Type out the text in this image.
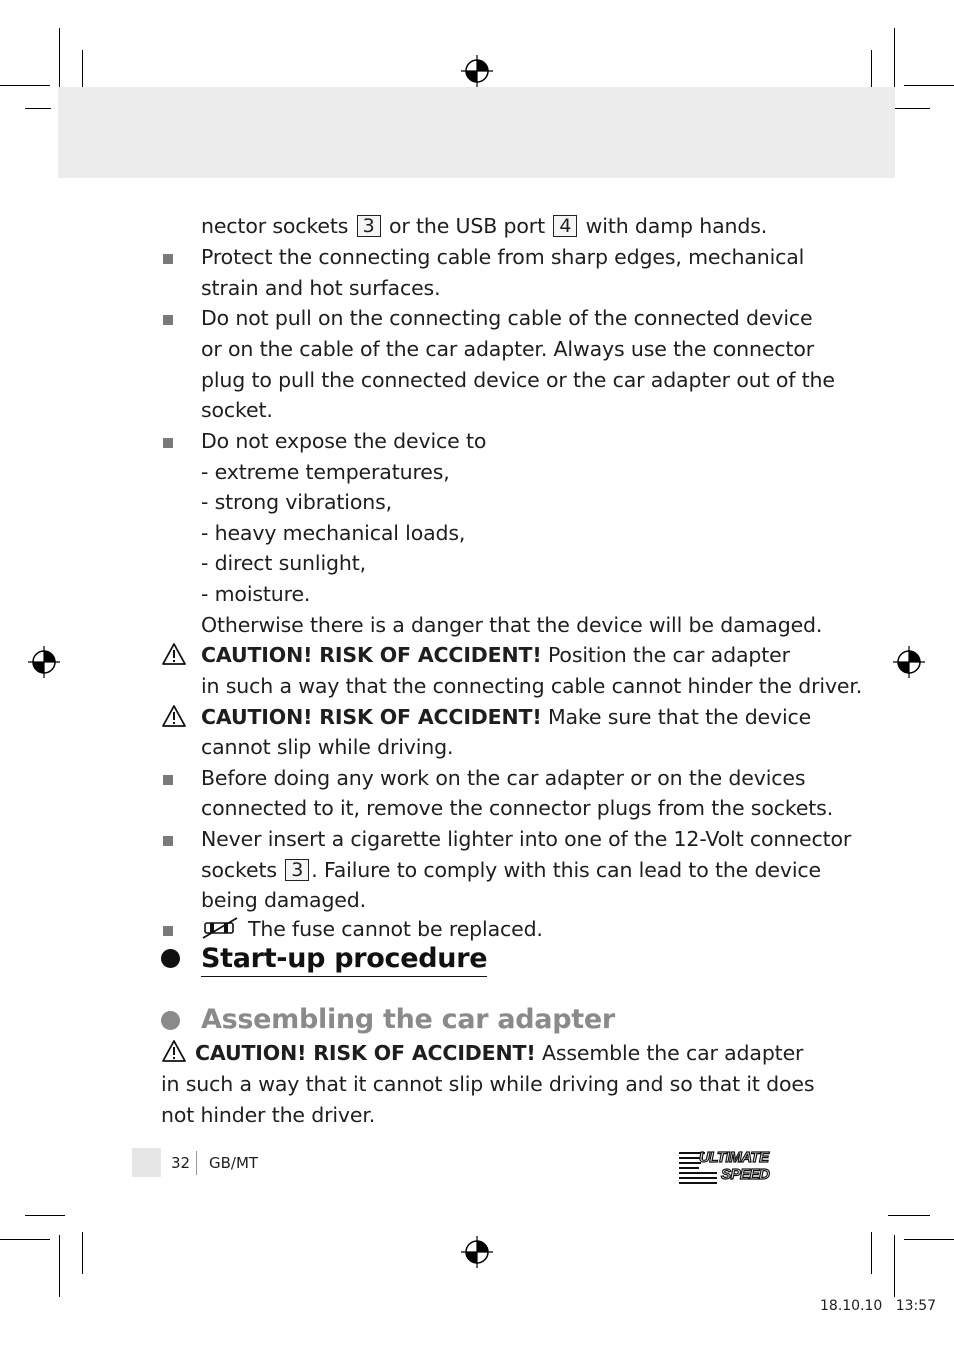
nector sockets 3 or the USB port 4 with damp hands.
Protect the connecting cable from sharp edges, mechanical
strain and hot surfaces.
Do not pull on the connecting cable of the connected device
or on the cable of the car adapter. Always use the connector
plug to pull the connected device or the car adapter out of the
socket.
Do not expose the device to
- extreme temperatures,
- strong vibrations,
- heavy mechanical loads,
- direct sunlight,
- moisture.
Otherwise there is a danger that the device will be damaged.
CAUTION! RISK OF ACCIDENT! Position the car adapter
in such a way that the connecting cable cannot hinder the driver.
CAUTION! RISK OF ACCIDENT! Make sure that the device
cannot slip while driving.
Before doing any work on the car adapter or on the devices
connected to it, remove the connector plugs from the sockets.
Never insert a cigarette lighter into one of the 12-Volt connector
sockets 3 . Failure to comply with this can lead to the device
being damaged.
The fuse cannot be replaced.
Start-up procedure
Assembling the car adapter
CAUTION! RISK OF ACCIDENT! Assemble the car adapter
in such a way that it cannot slip while driving and so that it does
not hinder the driver.
32 GB/MT	ULTIMATE
SPEED
18.10.10   13:57
